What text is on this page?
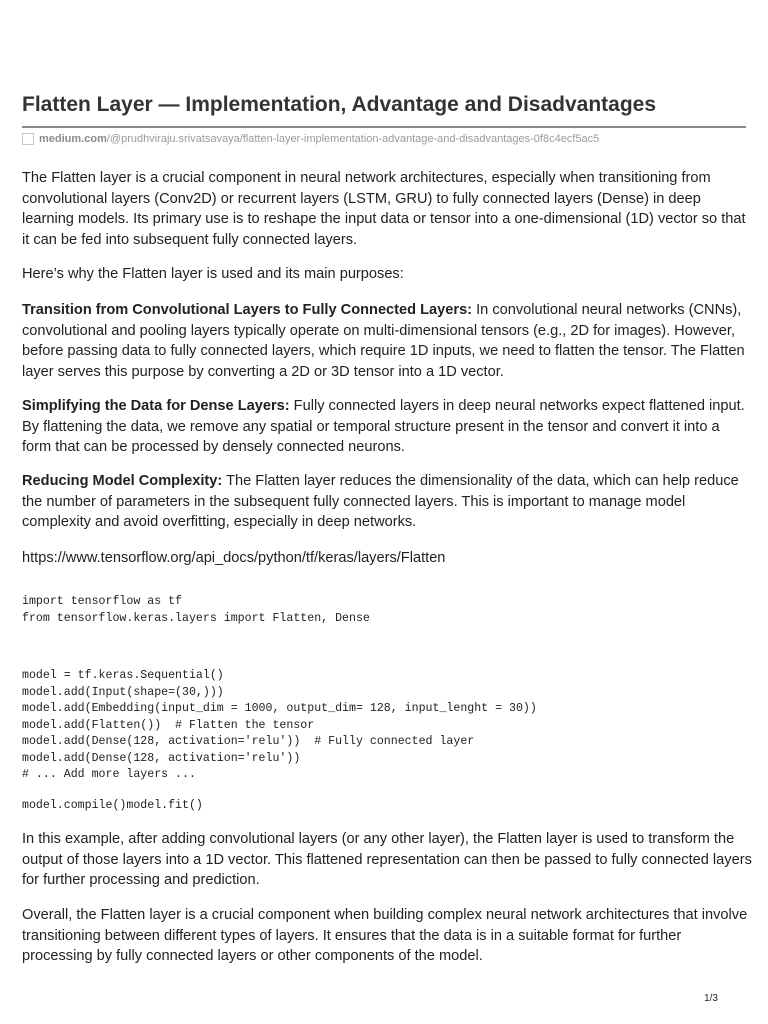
Flatten Layer — Implementation, Advantage and Disadvantages
medium.com /@prudhviraju.srivatsavaya/flatten-layer-implementation-advantage-and-disadvantages-0f8c4ecf5ac5

The Flatten layer is a crucial component in neural network architectures, especially when transitioning from convolutional layers (Conv2D) or recurrent layers (LSTM, GRU) to fully connected layers (Dense) in deep learning models. Its primary use is to reshape the input data or tensor into a one-dimensional (1D) vector so that it can be fed into subsequent fully connected layers.

Here’s why the Flatten layer is used and its main purposes:

Transition from Convolutional Layers to Fully Connected Layers: In convolutional neural networks (CNNs), convolutional and pooling layers typically operate on multi-dimensional tensors (e.g., 2D for images). However, before passing data to fully connected layers, which require 1D inputs, we need to flatten the tensor. The Flatten layer serves this purpose by converting a 2D or 3D tensor into a 1D vector.

Simplifying the Data for Dense Layers: Fully connected layers in deep neural networks expect flattened input. By flattening the data, we remove any spatial or temporal structure present in the tensor and convert it into a form that can be processed by densely connected neurons.

Reducing Model Complexity: The Flatten layer reduces the dimensionality of the data, which can help reduce the number of parameters in the subsequent fully connected layers. This is important to manage model complexity and avoid overfitting, especially in deep networks.

https://www.tensorflow.org/api_docs/python/tf/keras/layers/Flatten

import tensorflow as tf
from tensorflow.keras.layers import Flatten, Dense
model = tf.keras.Sequential()
model.add(Input(shape=(30,)))
model.add(Embedding(input_dim = 1000, output_dim= 128, input_lenght = 30))
model.add(Flatten())  # Flatten the tensor
model.add(Dense(128, activation='relu'))  # Fully connected layer
model.add(Dense(128, activation='relu'))
# ... Add more layers ...
model.compile()model.fit()

In this example, after adding convolutional layers (or any other layer), the Flatten layer is used to transform the output of those layers into a 1D vector. This flattened representation can then be passed to fully connected layers for further processing and prediction.

Overall, the Flatten layer is a crucial component when building complex neural network architectures that involve transitioning between different types of layers. It ensures that the data is in a suitable format for further processing by fully connected layers or other components of the model.

1/3
